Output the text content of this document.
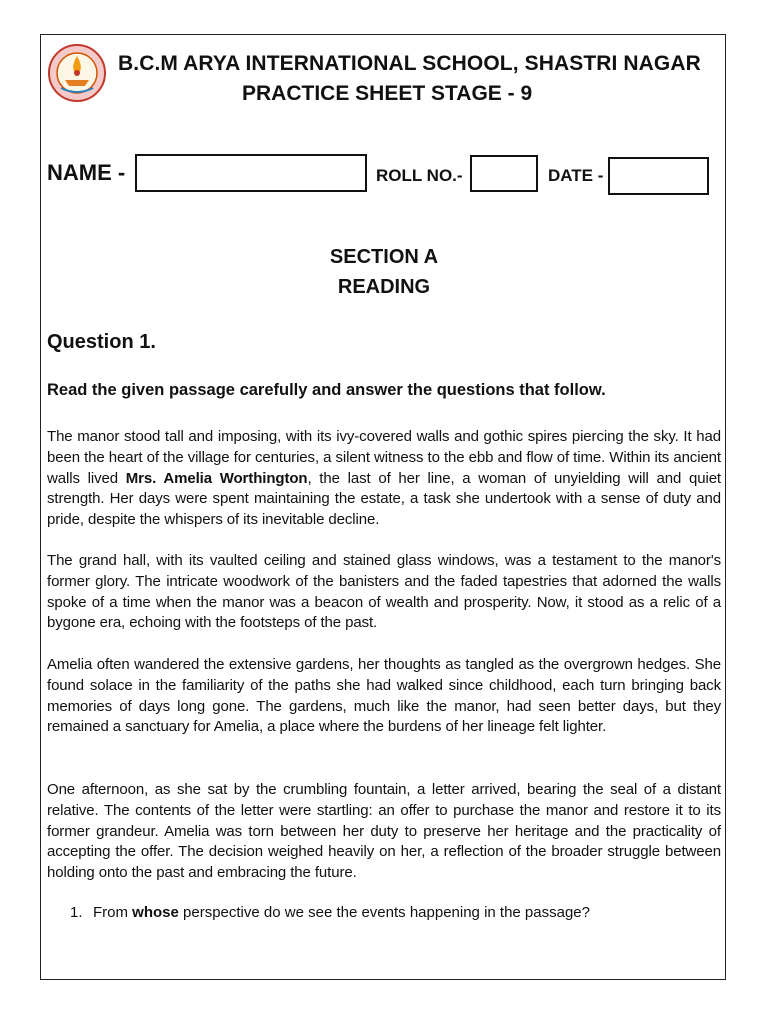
B.C.M ARYA INTERNATIONAL SCHOOL, SHASTRI NAGAR
PRACTICE SHEET STAGE - 9
NAME -	ROLL NO.-	DATE -
SECTION A
READING
Question 1.
Read the given passage carefully and answer the questions that follow.

The manor stood tall and imposing, with its ivy-covered walls and gothic spires piercing the sky. It had been the heart of the village for centuries, a silent witness to the ebb and flow of time. Within its ancient walls lived Mrs. Amelia Worthington, the last of her line, a woman of unyielding will and quiet strength. Her days were spent maintaining the estate, a task she undertook with a sense of duty and pride, despite the whispers of its inevitable decline.

The grand hall, with its vaulted ceiling and stained glass windows, was a testament to the manor's former glory. The intricate woodwork of the banisters and the faded tapestries that adorned the walls spoke of a time when the manor was a beacon of wealth and prosperity. Now, it stood as a relic of a bygone era, echoing with the footsteps of the past.

Amelia often wandered the extensive gardens, her thoughts as tangled as the overgrown hedges. She found solace in the familiarity of the paths she had walked since childhood, each turn bringing back memories of days long gone. The gardens, much like the manor, had seen better days, but they remained a sanctuary for Amelia, a place where the burdens of her lineage felt lighter.

One afternoon, as she sat by the crumbling fountain, a letter arrived, bearing the seal of a distant relative. The contents of the letter were startling: an offer to purchase the manor and restore it to its former grandeur. Amelia was torn between her duty to preserve her heritage and the practicality of accepting the offer. The decision weighed heavily on her, a reflection of the broader struggle between holding onto the past and embracing the future.

1. From whose perspective do we see the events happening in the passage?
